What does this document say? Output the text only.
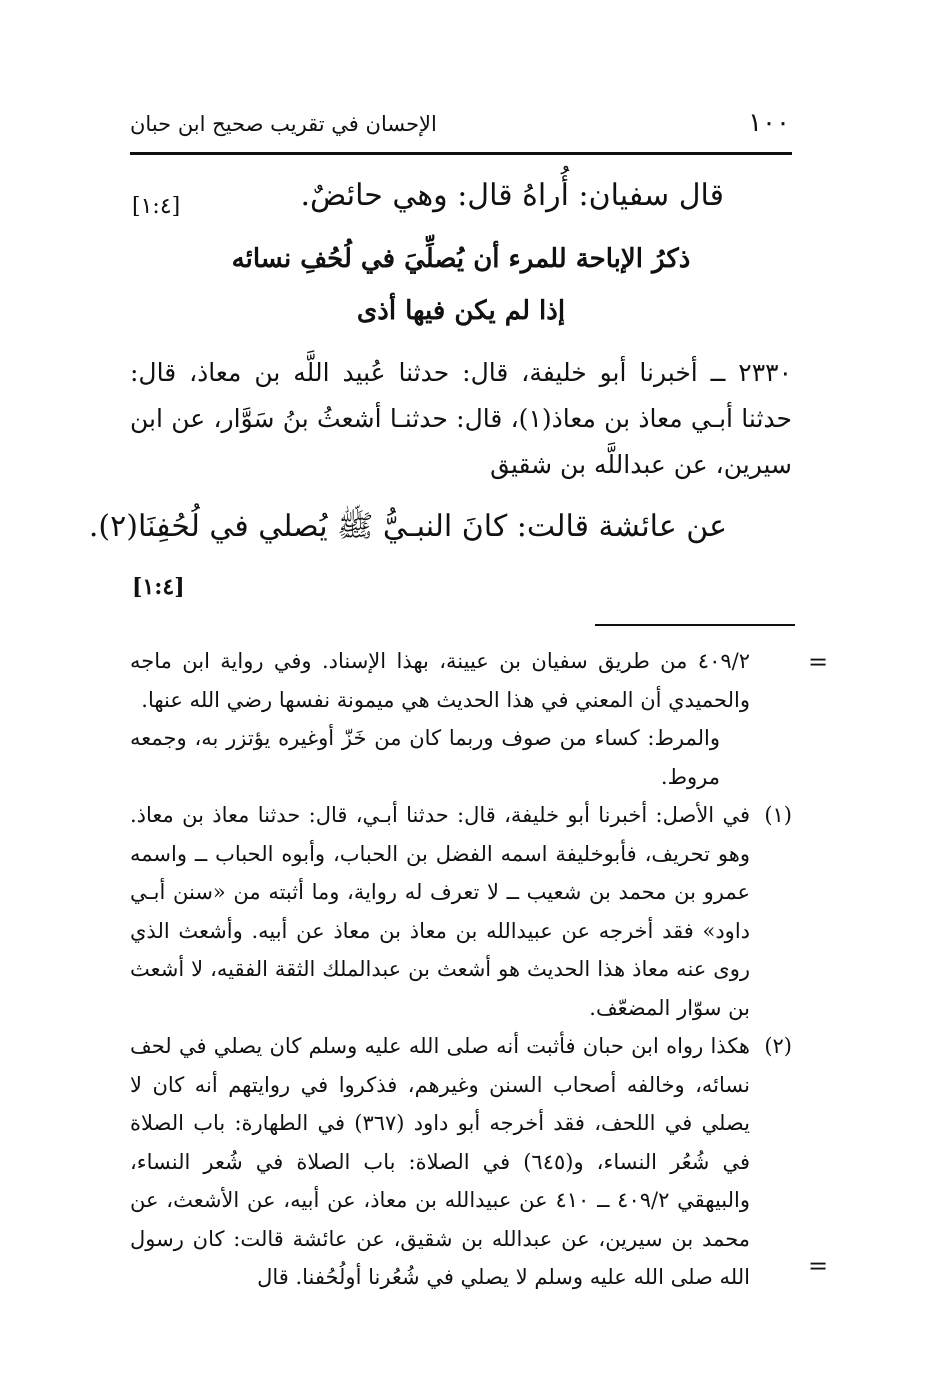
١٠٠
الإحسان في تقريب صحيح ابن حبان
قال سفيان: أُراهُ قال: وهي حائضٌ.
[١:٤]
ذكرُ الإباحة للمرء أن يُصلِّيَ في لُحُفِ نسائه
إذا لم يكن فيها أذى
٢٣٣٠ ــ أخبرنا أبو خليفة، قال: حدثنا عُبيد اللَّه بن معاذ، قال: حدثنا أبـي معاذ بن معاذ(١)، قال: حدثنـا أشعثُ بنُ سَوَّار، عن ابن سيرين، عن عبداللَّه بن شقيق
عن عائشة قالت: كانَ النبـيُّ ﷺ يُصلي في لُحُفِنَا(٢).
[١:٤]
=
٤٠٩/٢ من طريق سفيان بن عيينة، بهذا الإسناد. وفي رواية ابن ماجه والحميدي أن المعني في هذا الحديث هي ميمونة نفسها رضي الله عنها.
والمرط: كساء من صوف وربما كان من خَزّ أوغيره يؤتزر به، وجمعه مروط.
(١)
في الأصل: أخبرنا أبو خليفة، قال: حدثنا أبـي، قال: حدثنا معاذ بن معاذ. وهو تحريف، فأبوخليفة اسمه الفضل بن الحباب، وأبوه الحباب ــ واسمه عمرو بن محمد بن شعيب ــ لا تعرف له رواية، وما أثبته من «سنن أبـي داود» فقد أخرجه عن عبيدالله بن معاذ بن معاذ عن أبيه. وأشعث الذي روى عنه معاذ هذا الحديث هو أشعث بن عبدالملك الثقة الفقيه، لا أشعث بن سوّار المضعّف.
(٢)
هكذا رواه ابن حبان فأثبت أنه صلى الله عليه وسلم كان يصلي في لحف نسائه، وخالفه أصحاب السنن وغيرهم، فذكروا في روايتهم أنه كان لا يصلي في اللحف، فقد أخرجه أبو داود (٣٦٧) في الطهارة: باب الصلاة في شُعُر النساء، و(٦٤٥) في الصلاة: باب الصلاة في شُعر النساء، والبيهقي ٤٠٩/٢ ــ ٤١٠ عن عبيدالله بن معاذ، عن أبيه، عن الأشعث، عن محمد بن سيرين، عن عبدالله بن شقيق، عن عائشة قالت: كان رسول الله صلى الله عليه وسلم لا يصلي في شُعُرنا أولُحُفنا. قال =
